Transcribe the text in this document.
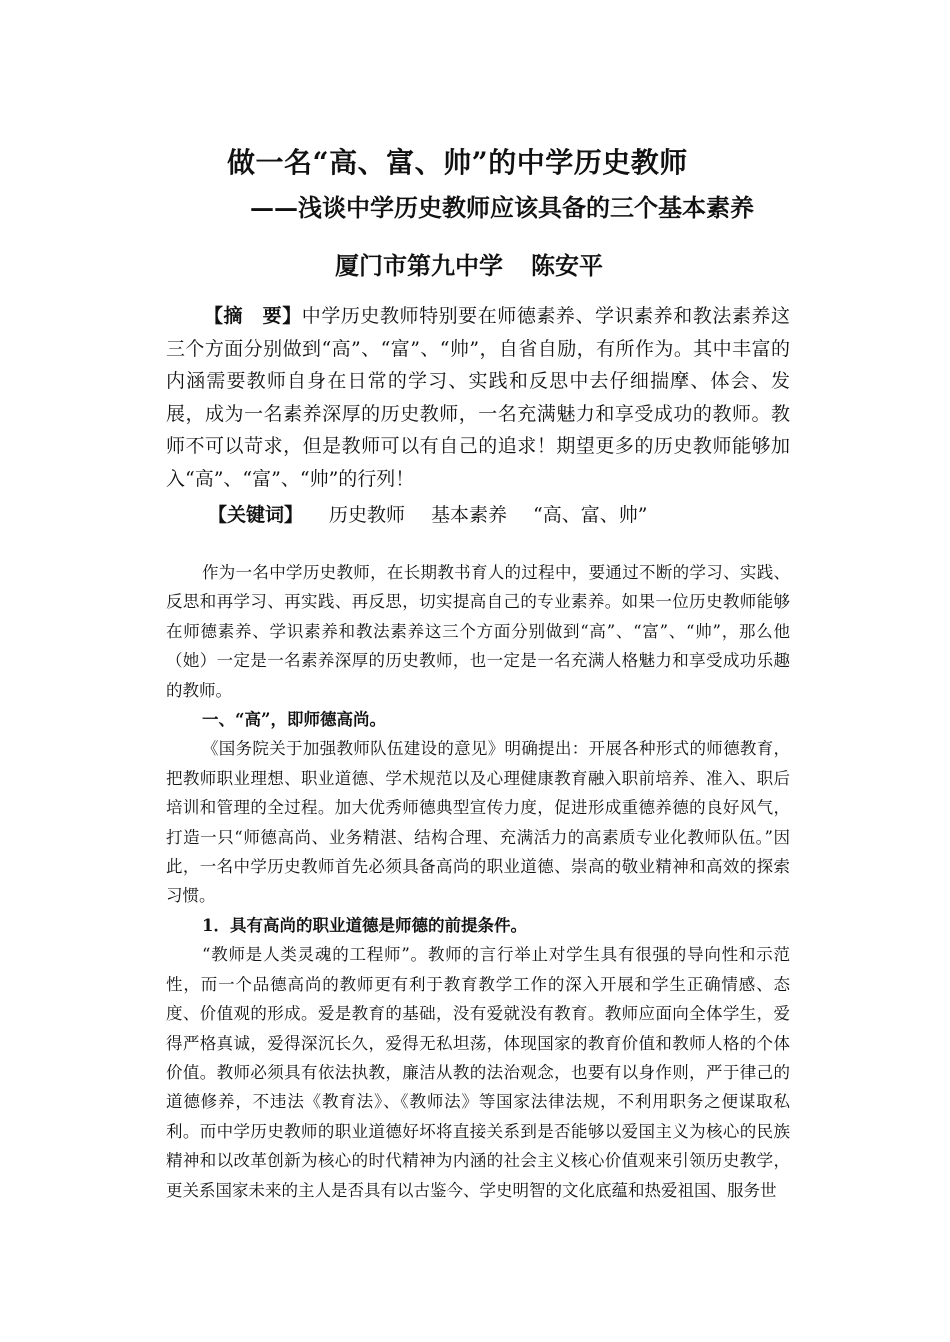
做一名“高、富、帅”的中学历史教师
——浅谈中学历史教师应该具备的三个基本素养
厦门市第九中学 陈安平

【摘　要】中学历史教师特别要在师德素养、学识素养和教法素养这三个方面分别做到“高”、“富”、“帅”，自省自励，有所作为。其中丰富的内涵需要教师自身在日常的学习、实践和反思中去仔细揣摩、体会、发展，成为一名素养深厚的历史教师，一名充满魅力和享受成功的教师。教师不可以苛求，但是教师可以有自己的追求！期望更多的历史教师能够加入“高”、“富”、“帅”的行列！

【关键词】 历史教师 基本素养 “高、富、帅”

作为一名中学历史教师，在长期教书育人的过程中，要通过不断的学习、实践、反思和再学习、再实践、再反思，切实提高自己的专业素养。如果一位历史教师能够在师德素养、学识素养和教法素养这三个方面分别做到“高”、“富”、“帅”，那么他（她）一定是一名素养深厚的历史教师，也一定是一名充满人格魅力和享受成功乐趣的教师。

一、“高”，即师德高尚。

《国务院关于加强教师队伍建设的意见》明确提出：开展各种形式的师德教育，把教师职业理想、职业道德、学术规范以及心理健康教育融入职前培养、准入、职后培训和管理的全过程。加大优秀师德典型宣传力度，促进形成重德养德的良好风气，打造一只“师德高尚、业务精湛、结构合理、充满活力的高素质专业化教师队伍。”因此，一名中学历史教师首先必须具备高尚的职业道德、崇高的敬业精神和高效的探索习惯。

1．具有高尚的职业道德是师德的前提条件。

“教师是人类灵魂的工程师”。教师的言行举止对学生具有很强的导向性和示范性，而一个品德高尚的教师更有利于教育教学工作的深入开展和学生正确情感、态度、价值观的形成。爱是教育的基础，没有爱就没有教育。教师应面向全体学生，爱得严格真诚，爱得深沉长久，爱得无私坦荡，体现国家的教育价值和教师人格的个体价值。教师必须具有依法执教，廉洁从教的法治观念，也要有以身作则，严于律己的道德修养，不违法《教育法》、《教师法》等国家法律法规，不利用职务之便谋取私利。而中学历史教师的职业道德好坏将直接关系到是否能够以爱国主义为核心的民族精神和以改革创新为核心的时代精神为内涵的社会主义核心价值观来引领历史教学，更关系国家未来的主人是否具有以古鉴今、学史明智的文化底蕴和热爱祖国、服务世
